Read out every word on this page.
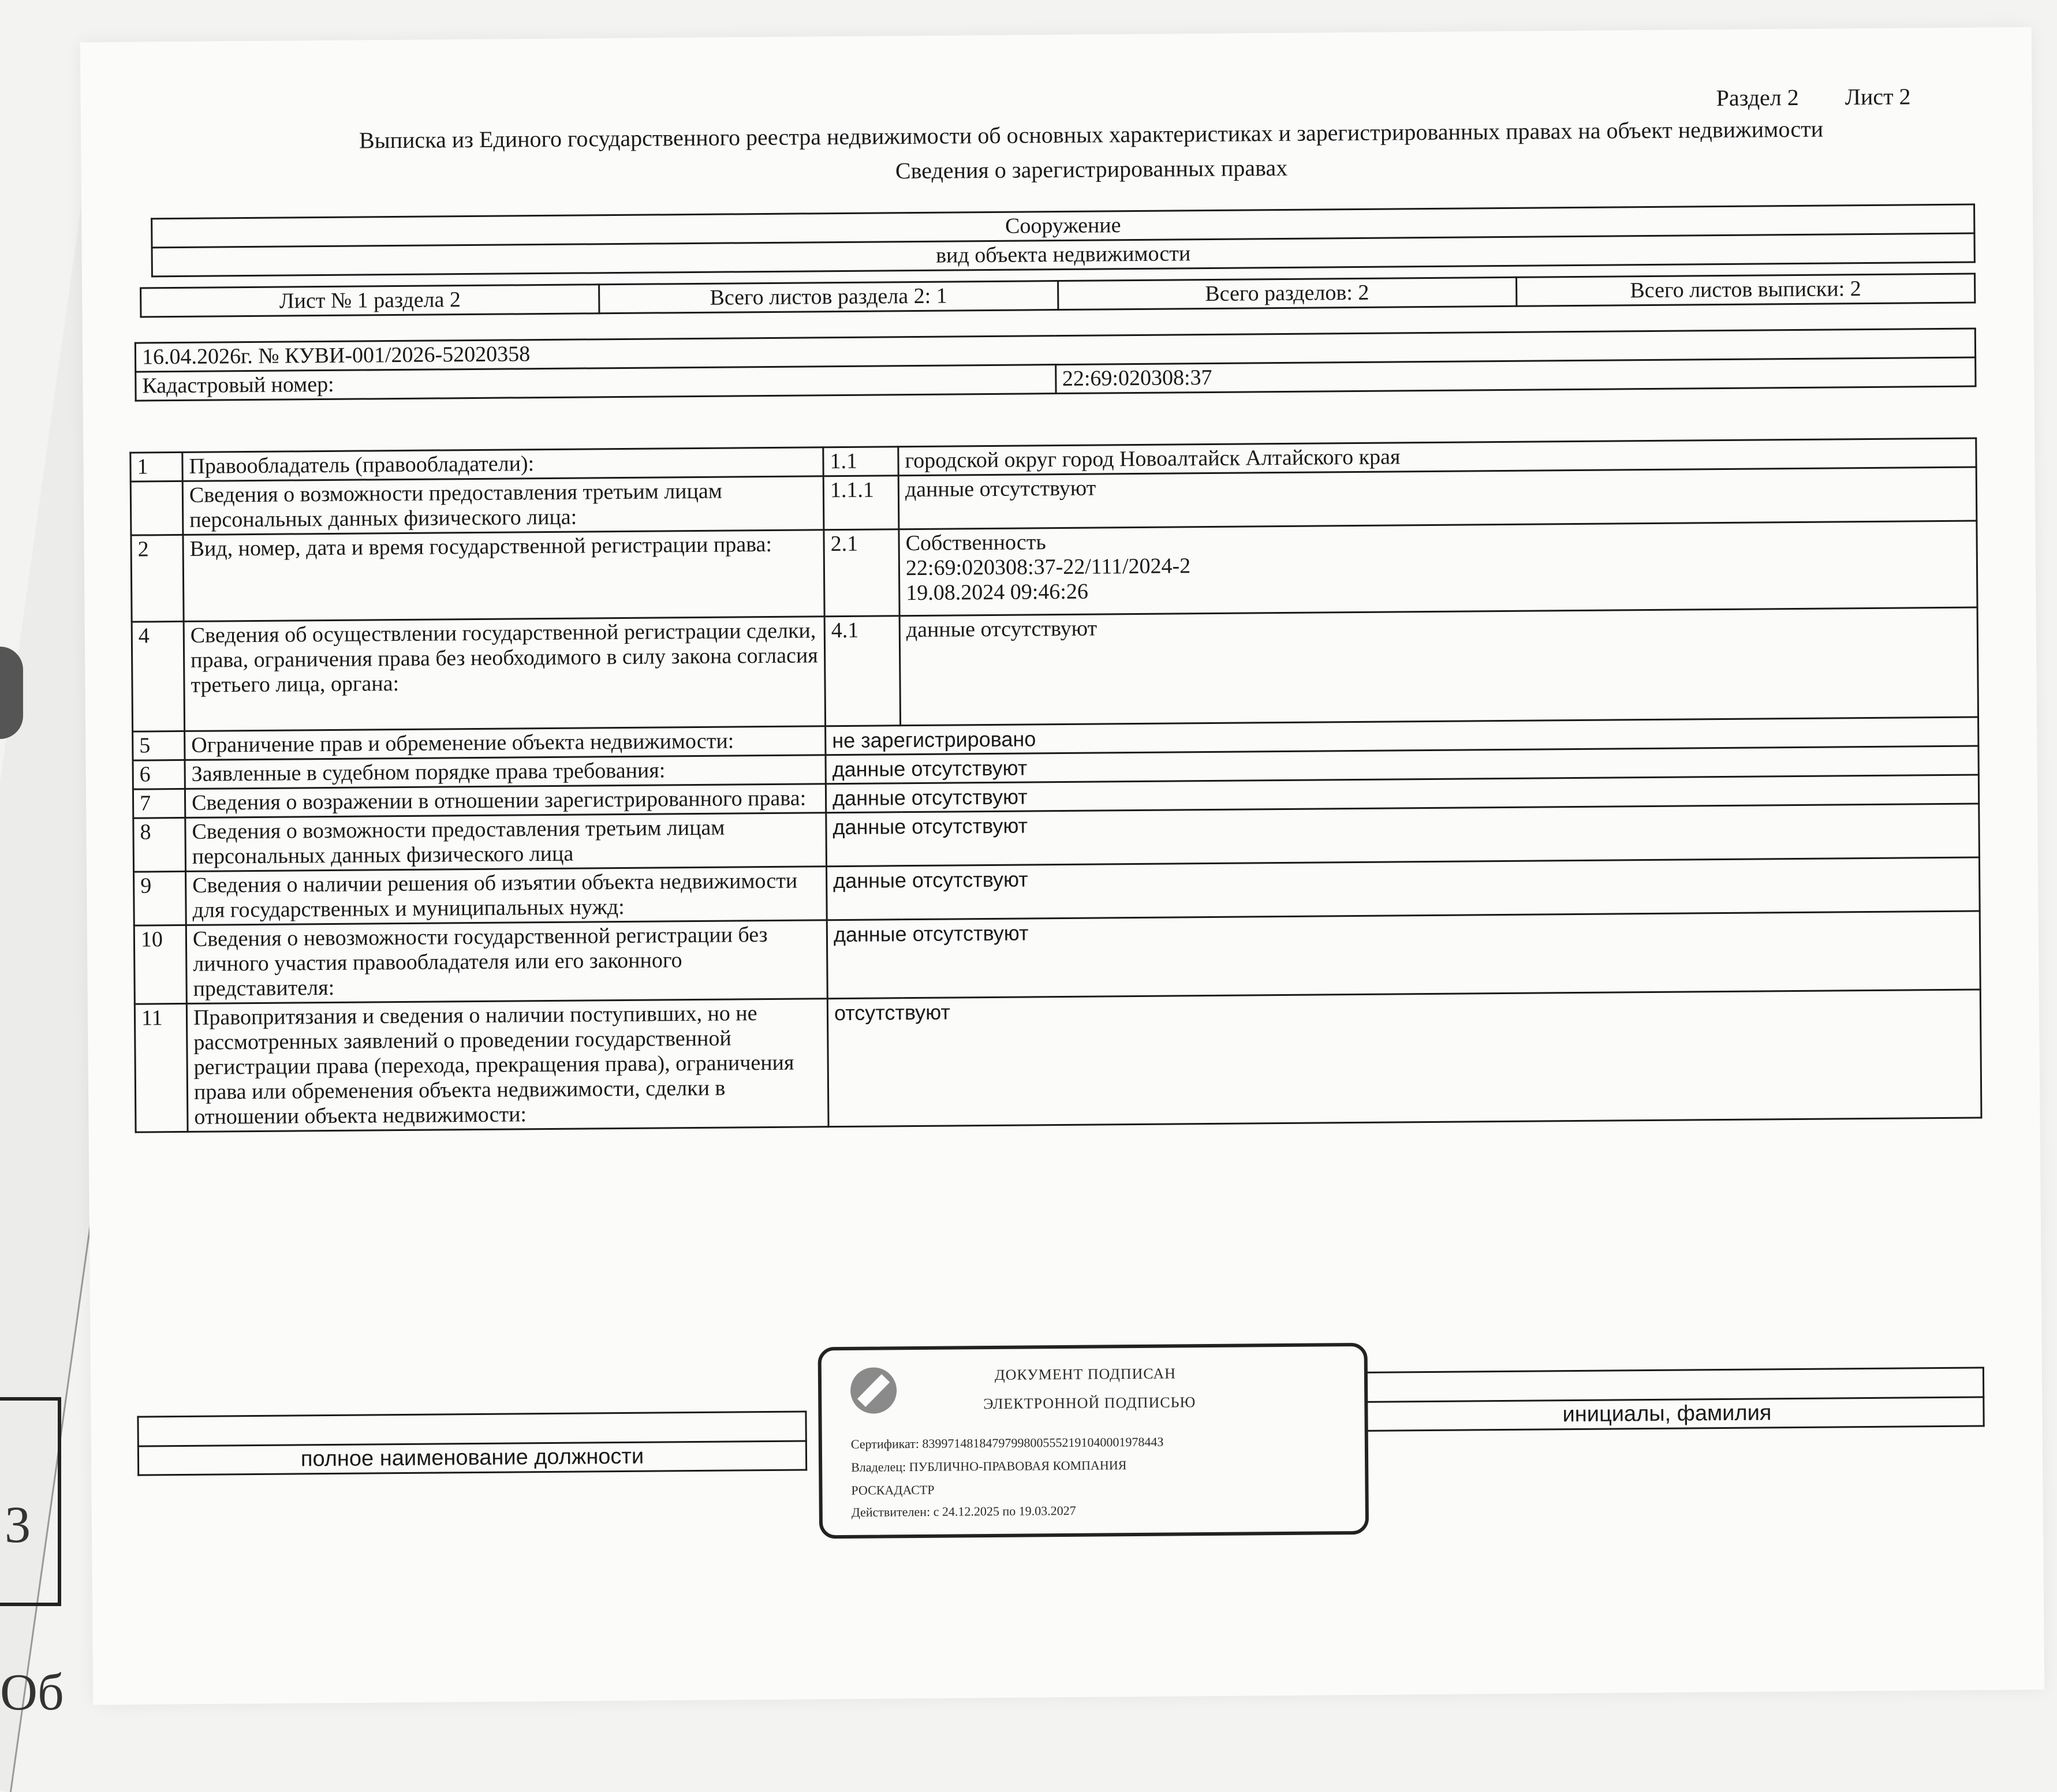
3
Об
Раздел 2 Лист 2
Выписка из Единого государственного реестра недвижимости об основных характеристиках и зарегистрированных правах на объект недвижимости
Сведения о зарегистрированных правах
Сооружение
вид объекта недвижимости
Лист № 1 раздела 2	Всего листов раздела 2: 1	Всего разделов: 2	Всего листов выписки: 2
16.04.2026г. № КУВИ-001/2026-52020358
Кадастровый номер:	22:69:020308:37
1	Правообладатель (правообладатели):	1.1	городской округ город Новоалтайск Алтайского края
	Сведения о возможности предоставления третьим лицам персональных данных физического лица:	1.1.1	данные отсутствуют
2	Вид, номер, дата и время государственной регистрации права:	2.1	Собственность
22:69:020308:37-22/111/2024-2
19.08.2024 09:46:26

4	Сведения об осуществлении государственной регистрации сделки, права, ограничения права без необходимого в силу закона согласия третьего лица, органа:	4.1	данные отсутствуют
5	Ограничение прав и обременение объекта недвижимости:	не зарегистрировано	
6	Заявленные в судебном порядке права требования:	данные отсутствуют	
7	Сведения о возражении в отношении зарегистрированного права:	данные отсутствуют	
8	Сведения о возможности предоставления третьим лицам персональных данных физического лица	данные отсутствуют	
9	Сведения о наличии решения об изъятии объекта недвижимости для государственных и муниципальных нужд:	данные отсутствуют	
10	Сведения о невозможности государственной регистрации без личного участия правообладателя или его законного представителя:	данные отсутствуют	
11	Правопритязания и сведения о наличии поступивших, но не рассмотренных заявлений о проведении государственной регистрации права (перехода, прекращения права), ограничения права или обременения объекта недвижимости, сделки в отношении объекта недвижимости:	отсутствуют	

полное наименование должности

инициалы, фамилия
ДОКУМЕНТ ПОДПИСАН
ЭЛЕКТРОННОЙ ПОДПИСЬЮ
Сертификат: 8399714818479799800555219104000197844З
Владелец: ПУБЛИЧНО-ПРАВОВАЯ КОМПАНИЯ
РОСКАДАСТР
Действителен: с 24.12.2025 по 19.03.2027
